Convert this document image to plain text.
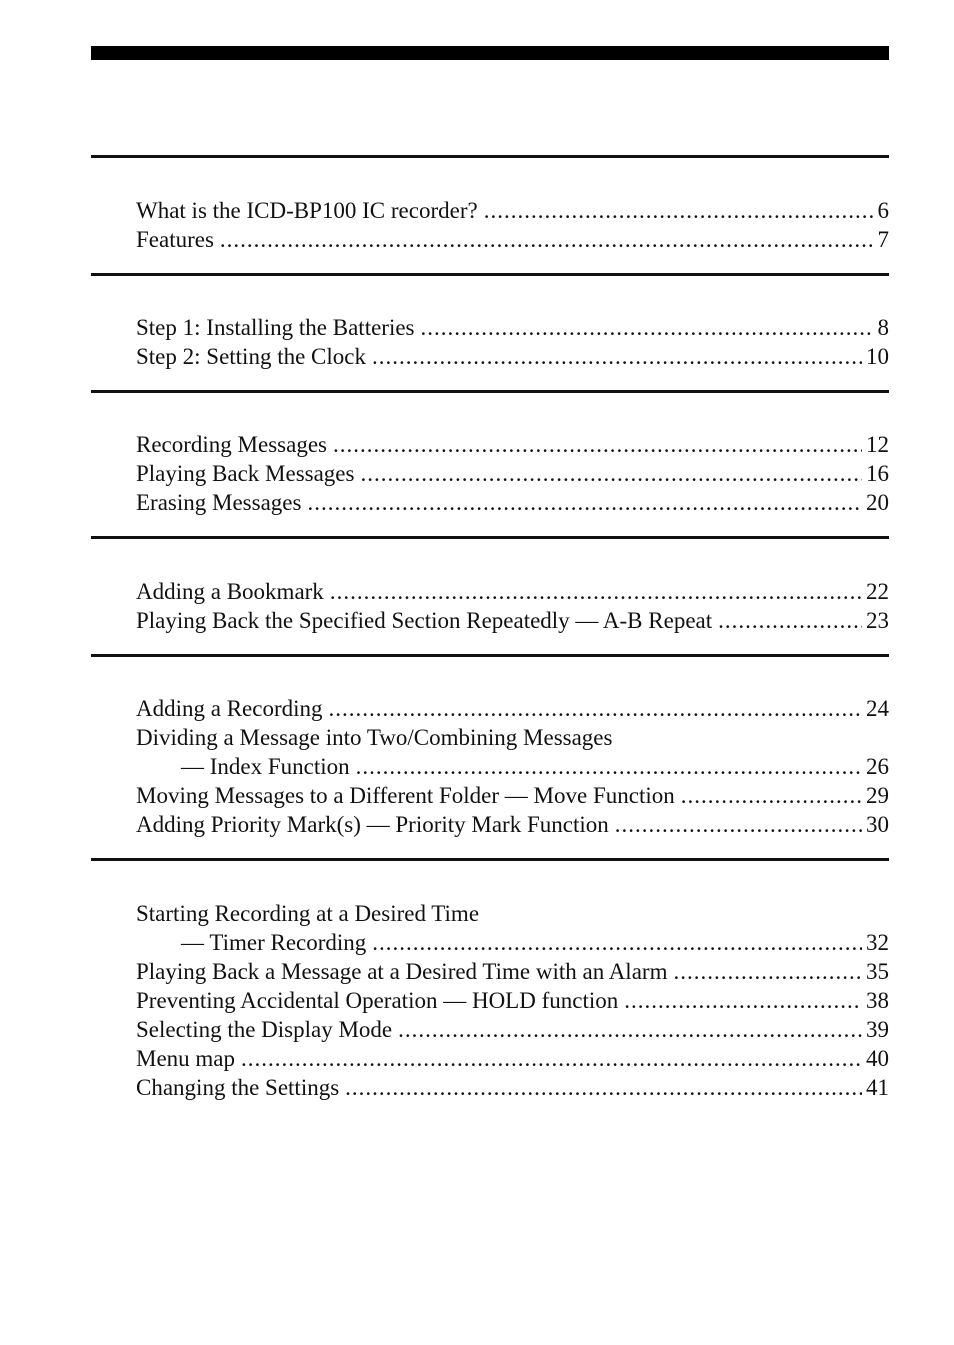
What is the ICD-BP100 IC recorder? .....	6
Features .....	7
Step 1: Installing the Batteries .....	8
Step 2: Setting the Clock .....	10
Recording Messages .....	12
Playing Back Messages .....	16
Erasing Messages .....	20
Adding a Bookmark .....	22
Playing Back the Specified Section Repeatedly — A-B Repeat .....	23
Adding a Recording .....	24
Dividing a Message into Two/Combining Messages
— Index Function .....	26
Moving Messages to a Different Folder — Move Function .....	29
Adding Priority Mark(s) — Priority Mark Function .....	30
Starting Recording at a Desired Time
— Timer Recording .....	32
Playing Back a Message at a Desired Time with an Alarm .....	35
Preventing Accidental Operation — HOLD function .....	38
Selecting the Display Mode .....	39
Menu map .....	40
Changing the Settings .....	41
